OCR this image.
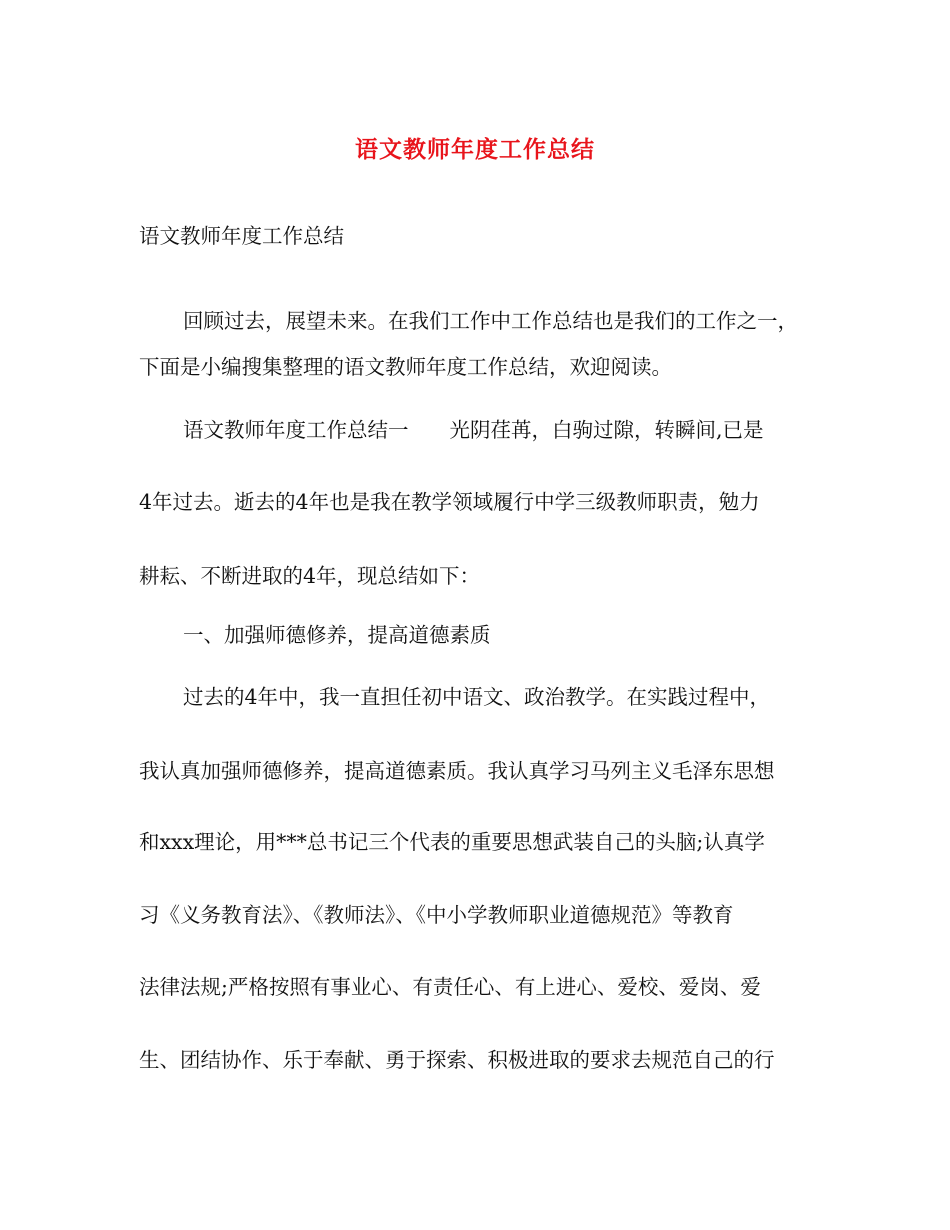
语文教师年度工作总结
语文教师年度工作总结
回顾过去，展望未来。在我们工作中工作总结也是我们的工作之一，
下面是小编搜集整理的语文教师年度工作总结，欢迎阅读。
语文教师年度工作总结一　　光阴荏苒，白驹过隙，转瞬间,已是
4年过去。逝去的4年也是我在教学领域履行中学三级教师职责，勉力
耕耘、不断进取的4年，现总结如下：
一、加强师德修养，提高道德素质
过去的4年中，我一直担任初中语文、政治教学。在实践过程中，
我认真加强师德修养，提高道德素质。我认真学习马列主义毛泽东思想
和xxx理论，用***总书记三个代表的重要思想武装自己的头脑;认真学
习《义务教育法》、《教师法》、《中小学教师职业道德规范》等教育
法律法规;严格按照有事业心、有责任心、有上进心、爱校、爱岗、爱
生、团结协作、乐于奉献、勇于探索、积极进取的要求去规范自己的行
